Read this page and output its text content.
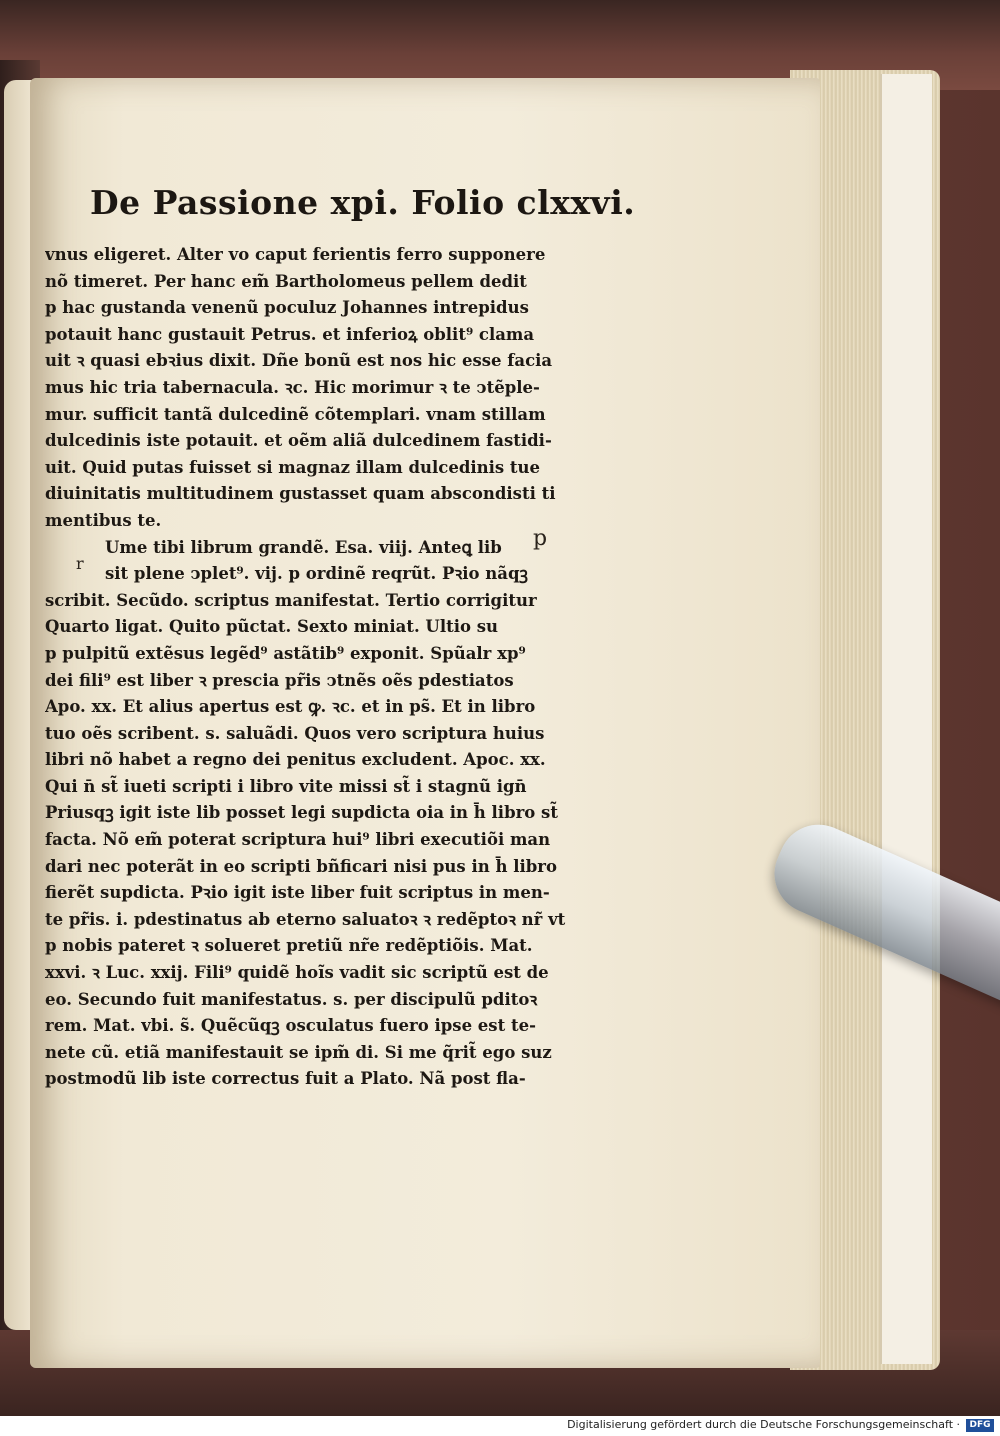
De Passione xpi. Folio clxxvi.
p
r
vnus eligeret. Alter vo caput ferientis ferro supponere
nõ timeret. Per hanc em̃ Bartholomeus pellem dedit
p hac gustanda venenũ poculuz Johannes intrepidus
potauit hanc gustauit Petrus. et inferioꝝ oblit⁹ clama
uit ꝛ quasi ebꝛius dixit. Dñe bonũ est nos hic esse facia
mus hic tria tabernacula. ꝛc. Hic morimur ꝛ te ↄtẽple-
mur. sufficit tantã dulcedinẽ cõtemplari. vnam stillam
dulcedinis iste potauit. et oẽm aliã dulcedinem fastidi-
uit. Quid putas fuisset si magnaz illam dulcedinis tue
diuinitatis multitudinem gustasset quam abscondisti ti
mentibus te.
Ume tibi librum grandẽ. Esa. viij. Anteꝗ lib
sit plene ↄplet⁹. vij. p ordinẽ reqrũt. Pꝛio nãqꝫ
scribit. Secũdo. scriptus manifestat. Tertio corrigitur
Quarto ligat. Quito pũctat. Sexto miniat. Ultio su
p pulpitũ extẽsus legẽd⁹ astãtib⁹ exponit. Spũalr xp⁹
dei fili⁹ est liber ꝛ prescia pr̃is ↄtnẽs oẽs pdestiatos
Apo. xx. Et alius apertus est ꝙ. ꝛc. et in ps̃. Et in libro
tuo oẽs scribent. s. saluãdi. Quos vero scriptura huius
libri nõ habet a regno dei penitus excludent. Apoc. xx.
Qui n̄ st̃ iueti scripti i libro vite missi st̃ i stagnũ ign̄
Priusqꝫ igit iste lib posset legi supdicta oia in h̄ libro st̃
facta. Nõ em̃ poterat scriptura hui⁹ libri executiõi man
dari nec poterãt in eo scripti bñficari nisi pus in h̄ libro
fierẽt supdicta. Pꝛio igit iste liber fuit scriptus in men-
te pr̃is. i. pdestinatus ab eterno saluatoꝛ ꝛ redẽptoꝛ nr̃ vt
p nobis pateret ꝛ solueret pretiũ nr̃e redẽptiõis. Mat.
xxvi. ꝛ Luc. xxij. Fili⁹ quidẽ hoĩs vadit sic scriptũ est de
eo. Secundo fuit manifestatus. s. per discipulũ pditoꝛ
rem. Mat. vbi. s̃. Quẽcũqꝫ osculatus fuero ipse est te-
nete cũ. etiã manifestauit se ipm̃ di. Si me q̃rit̃ ego suz
postmodũ lib iste correctus fuit a Plato. Nã post fla-
Digitalisierung gefördert durch die Deutsche Forschungsgemeinschaft ·	DFG
